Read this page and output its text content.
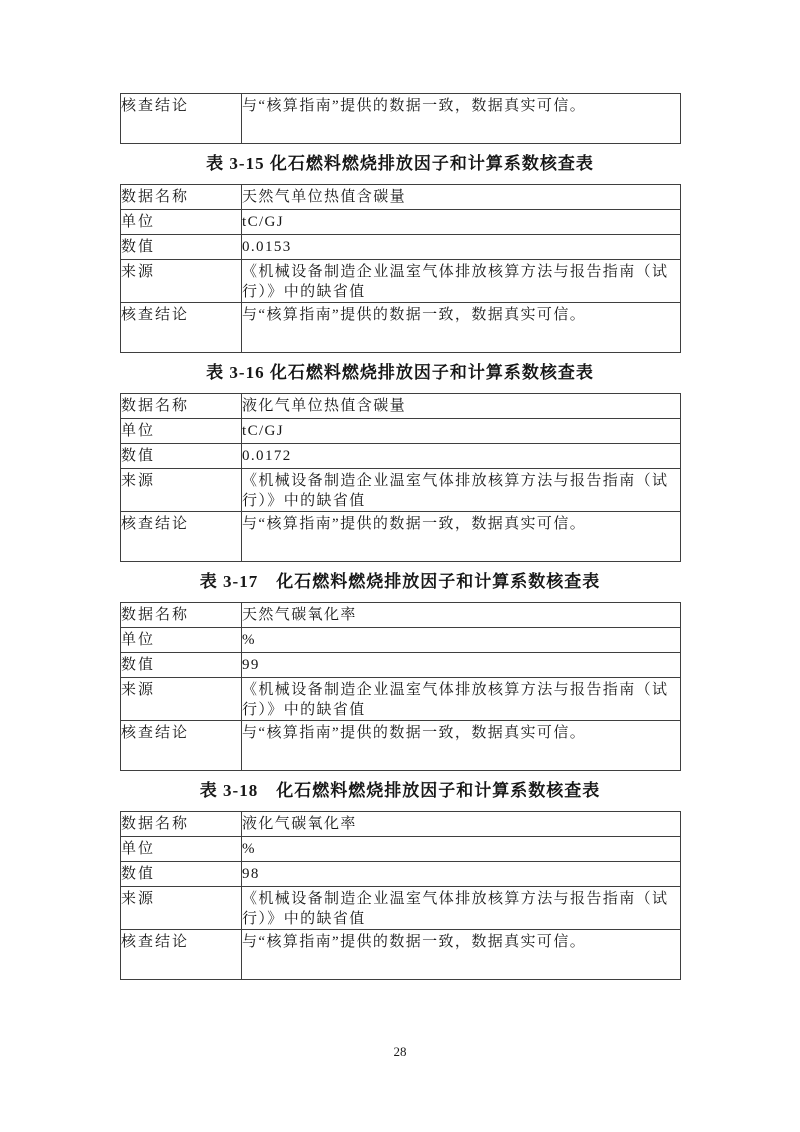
核查结论	与“核算指南”提供的数据一致，数据真实可信。
表 3-15 化石燃料燃烧排放因子和计算系数核查表
数据名称	天然气单位热值含碳量
单位	tC/GJ
数值	0.0153
来源	《机械设备制造企业温室气体排放核算方法与报告指南（试行）》中的缺省值
核查结论	与“核算指南”提供的数据一致，数据真实可信。
表 3-16 化石燃料燃烧排放因子和计算系数核查表
数据名称	液化气单位热值含碳量
单位	tC/GJ
数值	0.0172
来源	《机械设备制造企业温室气体排放核算方法与报告指南（试行）》中的缺省值
核查结论	与“核算指南”提供的数据一致，数据真实可信。
表 3-17　化石燃料燃烧排放因子和计算系数核查表
数据名称	天然气碳氧化率
单位	%
数值	99
来源	《机械设备制造企业温室气体排放核算方法与报告指南（试行）》中的缺省值
核查结论	与“核算指南”提供的数据一致，数据真实可信。
表 3-18　化石燃料燃烧排放因子和计算系数核查表
数据名称	液化气碳氧化率
单位	%
数值	98
来源	《机械设备制造企业温室气体排放核算方法与报告指南（试行）》中的缺省值
核查结论	与“核算指南”提供的数据一致，数据真实可信。
28
